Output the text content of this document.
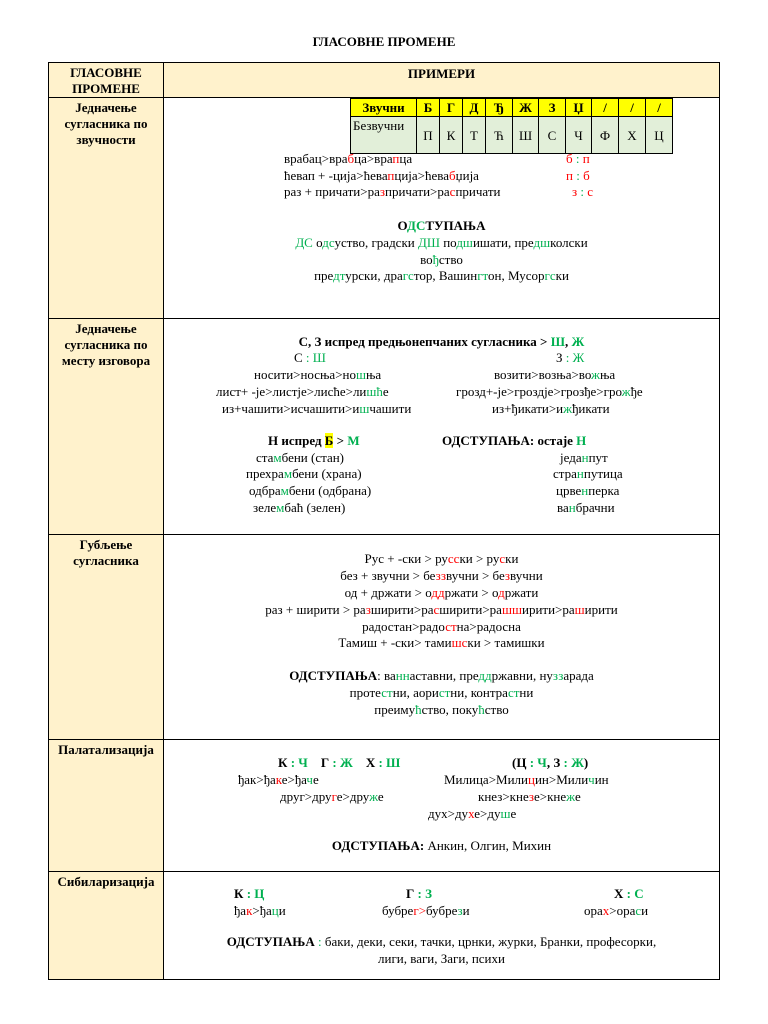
ГЛАСОВНЕ ПРОМЕНЕ
ГЛАСОВНЕ ПРОМЕНЕ	ПРИМЕРИ
Једначење сугласника по звучности	
Звучни	Б	Г	Д	Ђ	Ж	З	Џ	/	/	/
Безвучни	П	К	Т	Ћ	Ш	С	Ч	Ф	Х	Ц
врабац>врабца>врапца	б : п
ћевап + -ција>ћевапција>ћевабџија	п : б
раз + причати>разпричати>распричати	з : с
ОДСТУПАЊА
ДС одсуство, градски ДШ подшишати, предшколски
вођство
предтурски, драгстор, Вашингтон, Мусоргски

Једначење сугласника по месту изговора	
С, З испред предњонепчаних сугласника > Ш, Ж
С : Ш	З : Ж
носити>носња>ношња	возити>возња>вожња
лист+ -је>листје>лисће>лишће	грозд+-је>гроздје>грозђе>грожђе
из+чашити>исчашити>ишчашити	из+ђикати>ижђикати
Н испред Б > М	ОДСТУПАЊА: остаје Н
стамбени (стан)	једанпут
прехрамбени (храна)	странпутица
одбрамбени (одбрана)	црвенперка
зелембаћ (зелен)	ванбрачни

Губљење сугласника	Рус + -ски > русски > руски
без + звучни > беззвучни > безвучни
од + држати > оддржати > одржати
раз + ширити > разширити>расширити>рашширити>раширити
радостан>радостна>радосна
Тамиш + -ски> тамишски > тамишки
ОДСТУПАЊА: ваннаставни, преддржавни, нуззарада
протестни, аористни, контрастни
преимућство, покућство

Палатализација	
К : Ч Г : Ж Х : Ш	(Ц : Ч, З : Ж)
ђак>ђаке>ђаче	Милица>Милицин>Миличин
друг>друге>друже	кнез>кнезе>кнеже
дух>духе>душе
ОДСТУПАЊА: Анкин, Олгин, Михин

Сибиларизација	
К : Ц	Г : З	Х : С
ђак>ђаци	бубрег>бубрези	орах>ораси
ОДСТУПАЊА : баки, деки, секи, тачки, црнки, журки, Бранки, професорки,
лиги, ваги, Заги, психи
